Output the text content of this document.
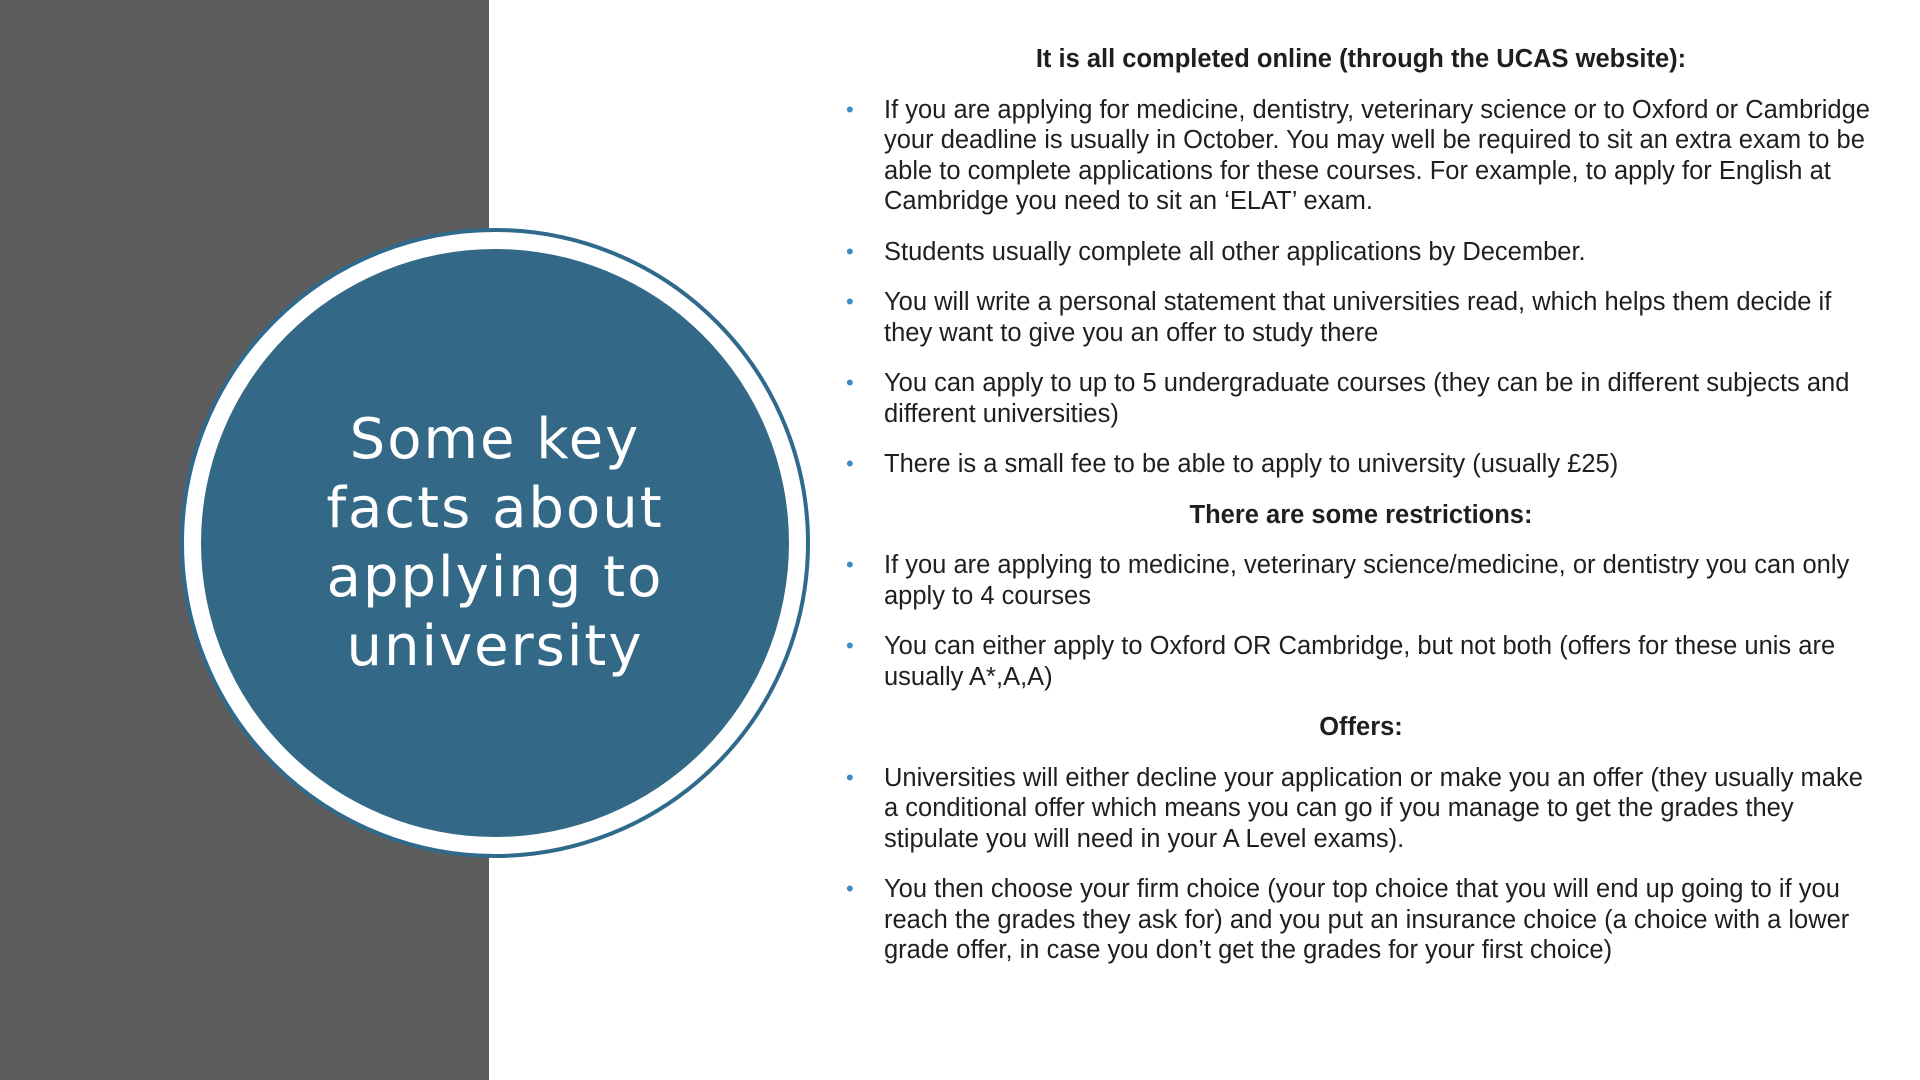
Some key facts about applying to university

It is all completed online (through the UCAS website):

• If you are applying for medicine, dentistry, veterinary science or to Oxford or Cambridge your deadline is usually in October. You may well be required to sit an extra exam to be able to complete applications for these courses. For example, to apply for English at Cambridge you need to sit an ‘ELAT’ exam.
• Students usually complete all other applications by December.
• You will write a personal statement that universities read, which helps them decide if they want to give you an offer to study there
• You can apply to up to 5 undergraduate courses (they can be in different subjects and different universities)
• There is a small fee to be able to apply to university (usually £25)

There are some restrictions:

• If you are applying to medicine, veterinary science/medicine, or dentistry you can only apply to 4 courses
• You can either apply to Oxford OR Cambridge, but not both (offers for these unis are usually A*,A,A)

Offers:

• Universities will either decline your application or make you an offer (they usually make a conditional offer which means you can go if you manage to get the grades they stipulate you will need in your A Level exams).
• You then choose your firm choice (your top choice that you will end up going to if you reach the grades they ask for) and you put an insurance choice (a choice with a lower grade offer, in case you don’t get the grades for your first choice)
